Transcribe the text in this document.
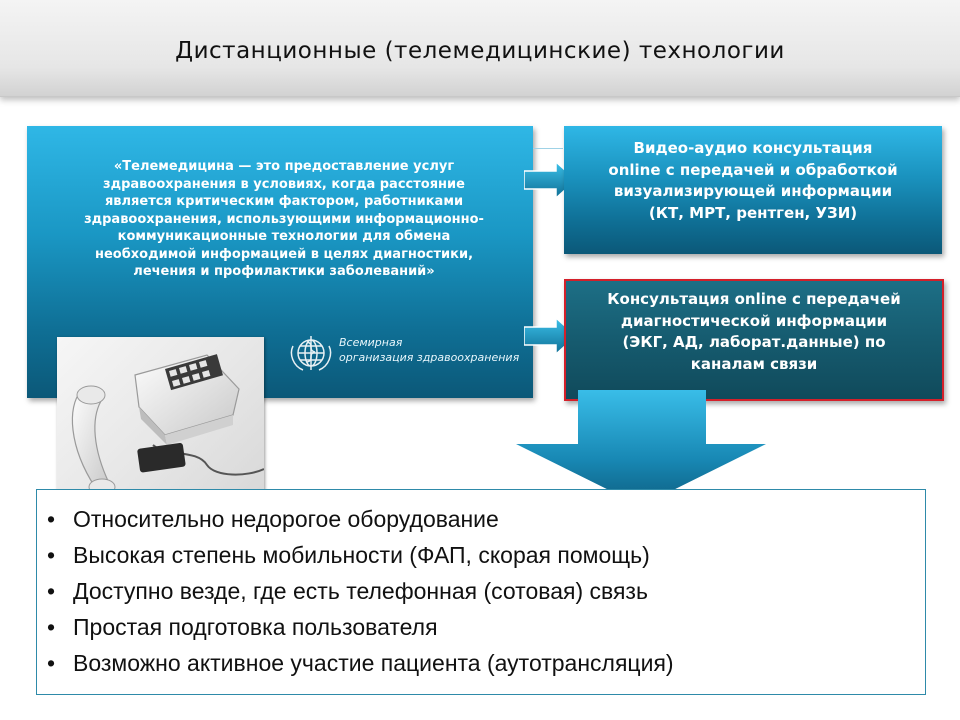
Дистанционные (телемедицинские) технологии
«Телемедицина — это предоставление услуг
здравоохранения в условиях, когда расстояние
является критическим фактором, работниками
здравоохранения, использующими информационно-
коммуникационные технологии для обмена
необходимой информацией в целях диагностики,
лечения и профилактики заболеваний»
Всемирная
организация здравоохранения
Видео-аудио консультация
online с передачей и обработкой
визуализирующей информации
(КТ, МРТ, рентген, УЗИ)
Консультация online с передачей
диагностической информации
(ЭКГ, АД, лаборат.данные) по
каналам связи
• Относительно недорогое оборудование
• Высокая степень мобильности (ФАП, скорая помощь)
• Доступно везде, где есть телефонная (сотовая) связь
• Простая подготовка пользователя
• Возможно активное участие пациента (аутотрансляция)
